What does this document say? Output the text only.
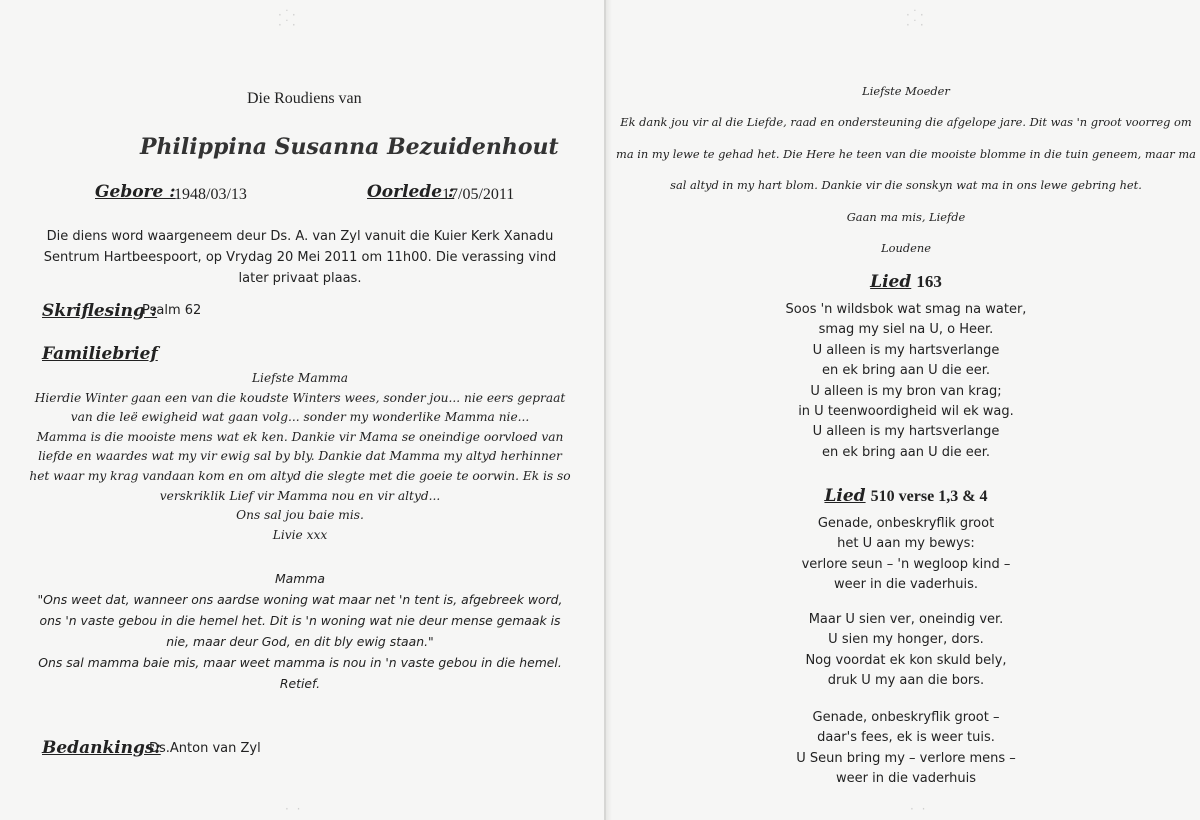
·˙·
·˙·
·˙·
·˙·
· ·	· ·
Die Roudiens van
Philippina Susanna Bezuidenhout
Gebore :
1948/03/13	Oorlede :
17/05/2011
Die diens word waargeneem deur Ds. A. van Zyl vanuit die Kuier Kerk Xanadu
Sentrum Hartbeespoort, op Vrydag 20 Mei 2011 om 11h00. Die verassing vind
later privaat plaas.
Skriflesing :
Psalm 62
Familiebrief
Liefste Mamma
Hierdie Winter gaan een van die koudste Winters wees, sonder jou... nie eers gepraat
van die leë ewigheid wat gaan volg... sonder my wonderlike Mamma nie...
Mamma is die mooiste mens wat ek ken. Dankie vir Mama se oneindige oorvloed van
liefde en waardes wat my vir ewig sal by bly. Dankie dat Mamma my altyd herhinner
het waar my krag vandaan kom en om altyd die slegte met die goeie te oorwin. Ek is so
verskriklik Lief vir Mamma nou en vir altyd...
Ons sal jou baie mis.
Livie xxx
Mamma
"Ons weet dat, wanneer ons aardse woning wat maar net 'n tent is, afgebreek word,
ons 'n vaste gebou in die hemel het. Dit is 'n woning wat nie deur mense gemaak is
nie, maar deur God, en dit bly ewig staan."
Ons sal mamma baie mis, maar weet mamma is nou in 'n vaste gebou in die hemel.
Retief.
Bedankings:
Ds.Anton van Zyl
Liefste Moeder
Ek dank jou vir al die Liefde, raad en ondersteuning die afgelope jare. Dit was 'n groot voorreg om
ma in my lewe te gehad het. Die Here he teen van die mooiste blomme in die tuin geneem, maar ma
sal altyd in my hart blom. Dankie vir die sonskyn wat ma in ons lewe gebring het.
Gaan ma mis, Liefde
Loudene
Lied 163
Soos 'n wildsbok wat smag na water,
smag my siel na U, o Heer.
U alleen is my hartsverlange
en ek bring aan U die eer.
U alleen is my bron van krag;
in U teenwoordigheid wil ek wag.
U alleen is my hartsverlange
en ek bring aan U die eer.
Lied 510 verse 1,3 & 4
Genade, onbeskryflik groot
het U aan my bewys:
verlore seun – 'n wegloop kind –
weer in die vaderhuis.
Maar U sien ver, oneindig ver.
U sien my honger, dors.
Nog voordat ek kon skuld bely,
druk U my aan die bors.
Genade, onbeskryflik groot –
daar's fees, ek is weer tuis.
U Seun bring my – verlore mens –
weer in die vaderhuis
